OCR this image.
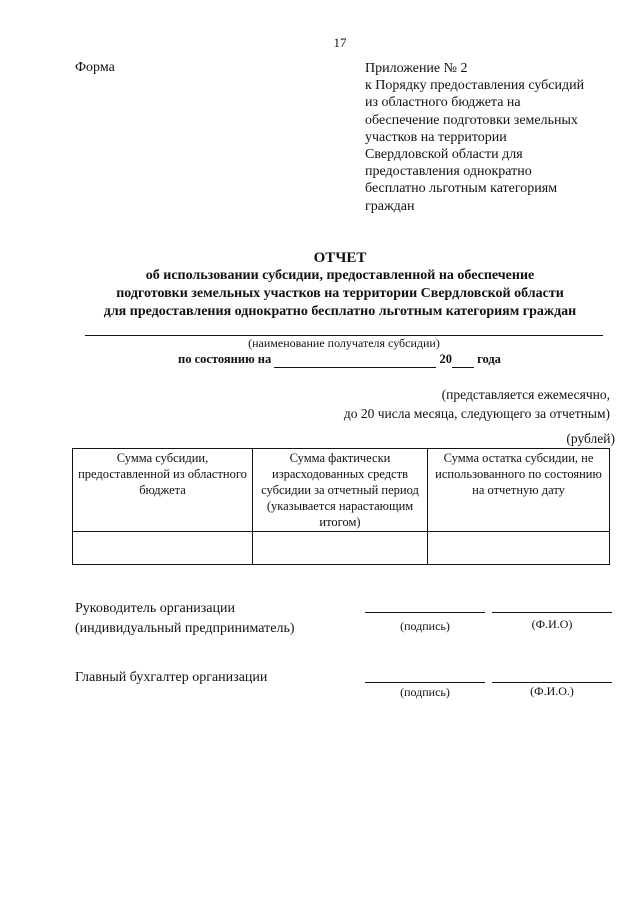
17
Форма	Приложение № 2
к Порядку предоставления субсидий
из областного бюджета на
обеспечение подготовки земельных
участков на территории
Свердловской области для
предоставления однократно
бесплатно льготным категориям
граждан
ОТЧЕТ
об использовании субсидии, предоставленной на обеспечение
подготовки земельных участков на территории Свердловской области
для предоставления однократно бесплатно льготным категориям граждан
(наименование получателя субсидии)
по состоянию на	20 года
(представляется ежемесячно,
до 20 числа месяца, следующего за отчетным)
(рублей)
Сумма субсидии, предоставленной из областного бюджета	Сумма фактически израсходованных средств субсидии за отчетный период (указывается нарастающим итогом)	Сумма остатка субсидии, не использованного по состоянию на отчетную дату

Руководитель организации
(индивидуальный предприниматель)	(подпись)	(Ф.И.О)
Главный бухгалтер организации
(подпись)	(Ф.И.О.)
